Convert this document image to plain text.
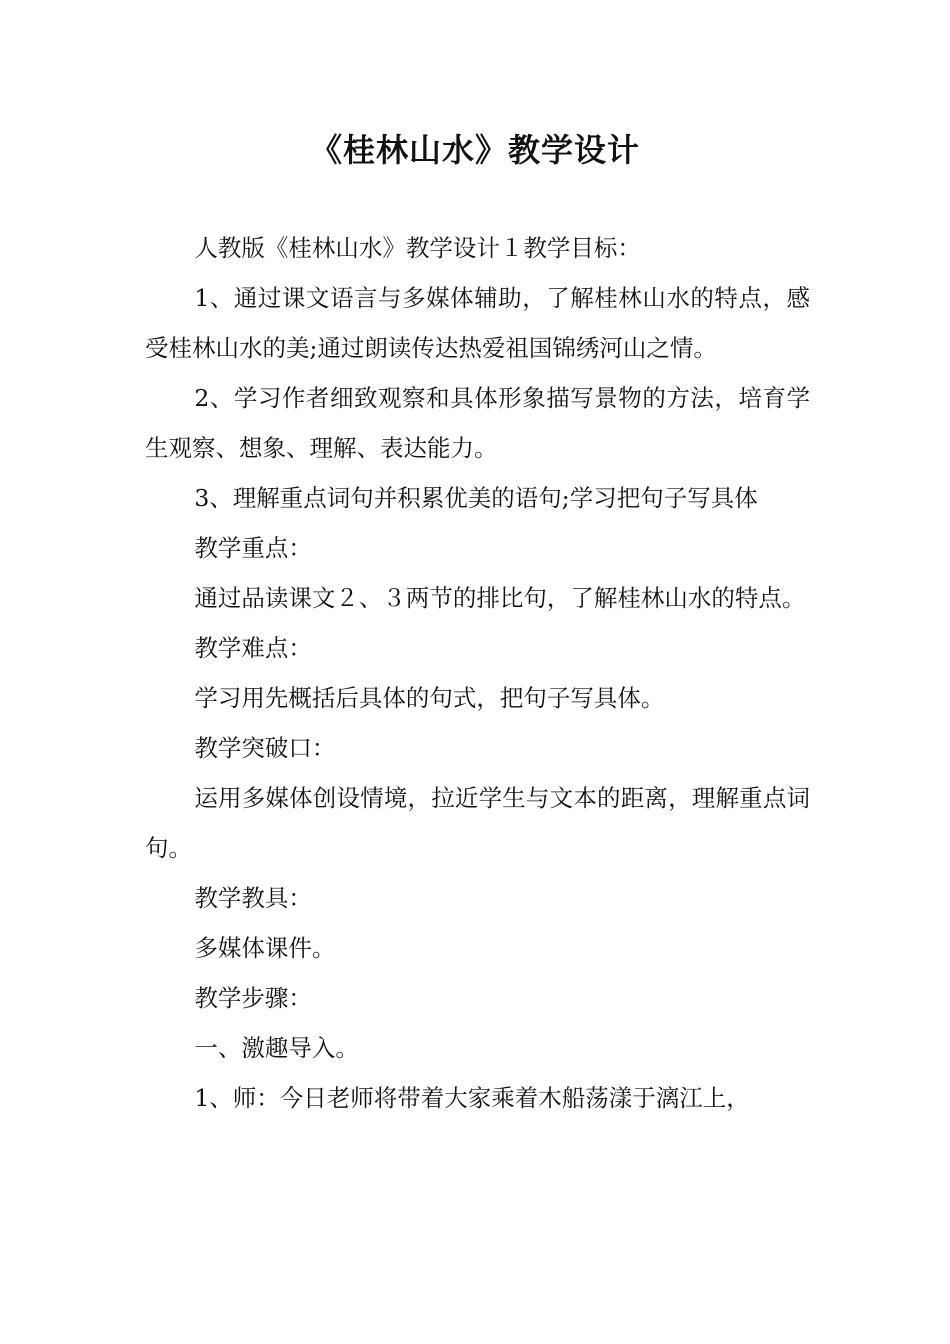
《桂林山水》教学设计

人教版《桂林山水》教学设计１教学目标：

1、通过课文语言与多媒体辅助，了解桂林山水的特点，感受桂林山水的美;通过朗读传达热爱祖国锦绣河山之情。

2、学习作者细致观察和具体形象描写景物的方法，培育学生观察、想象、理解、表达能力。

3、理解重点词句并积累优美的语句;学习把句子写具体

教学重点：

通过品读课文２、３两节的排比句，了解桂林山水的特点。

教学难点：

学习用先概括后具体的句式，把句子写具体。

教学突破口：

运用多媒体创设情境，拉近学生与文本的距离，理解重点词句。

教学教具：

多媒体课件。

教学步骤：

一、激趣导入。

1、师：今日老师将带着大家乘着木船荡漾于漓江上，
